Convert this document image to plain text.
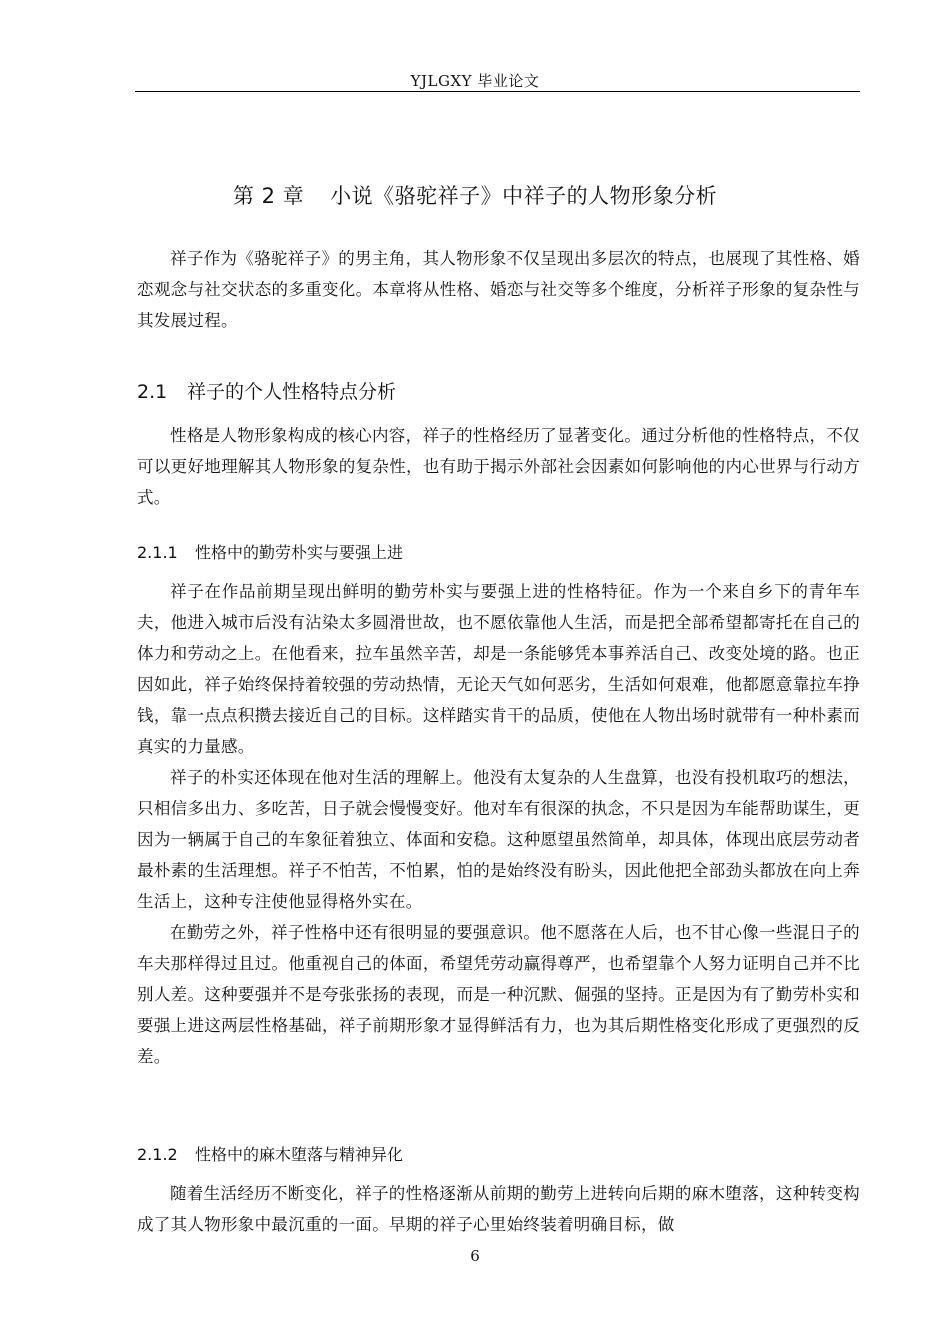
YJLGXY 毕业论文
第 2 章 小说《骆驼祥子》中祥子的人物形象分析

祥子作为《骆驼祥子》的男主角，其人物形象不仅呈现出多层次的特点，也展现了其性格、婚恋观念与社交状态的多重变化。本章将从性格、婚恋与社交等多个维度，分析祥子形象的复杂性与其发展过程。

2.1 祥子的个人性格特点分析

性格是人物形象构成的核心内容，祥子的性格经历了显著变化。通过分析他的性格特点，不仅可以更好地理解其人物形象的复杂性，也有助于揭示外部社会因素如何影响他的内心世界与行动方式。

2.1.1 性格中的勤劳朴实与要强上进

祥子在作品前期呈现出鲜明的勤劳朴实与要强上进的性格特征。作为一个来自乡下的青年车夫，他进入城市后没有沾染太多圆滑世故，也不愿依靠他人生活，而是把全部希望都寄托在自己的体力和劳动之上。在他看来，拉车虽然辛苦，却是一条能够凭本事养活自己、改变处境的路。也正因如此，祥子始终保持着较强的劳动热情，无论天气如何恶劣，生活如何艰难，他都愿意靠拉车挣钱，靠一点点积攒去接近自己的目标。这样踏实肯干的品质，使他在人物出场时就带有一种朴素而真实的力量感。

祥子的朴实还体现在他对生活的理解上。他没有太复杂的人生盘算，也没有投机取巧的想法，只相信多出力、多吃苦，日子就会慢慢变好。他对车有很深的执念，不只是因为车能帮助谋生，更因为一辆属于自己的车象征着独立、体面和安稳。这种愿望虽然简单，却具体，体现出底层劳动者最朴素的生活理想。祥子不怕苦，不怕累，怕的是始终没有盼头，因此他把全部劲头都放在向上奔生活上，这种专注使他显得格外实在。

在勤劳之外，祥子性格中还有很明显的要强意识。他不愿落在人后，也不甘心像一些混日子的车夫那样得过且过。他重视自己的体面，希望凭劳动赢得尊严，也希望靠个人努力证明自己并不比别人差。这种要强并不是夸张张扬的表现，而是一种沉默、倔强的坚持。正是因为有了勤劳朴实和要强上进这两层性格基础，祥子前期形象才显得鲜活有力，也为其后期性格变化形成了更强烈的反差。

2.1.2 性格中的麻木堕落与精神异化

随着生活经历不断变化，祥子的性格逐渐从前期的勤劳上进转向后期的麻木堕落，这种转变构成了其人物形象中最沉重的一面。早期的祥子心里始终装着明确目标，做

6
